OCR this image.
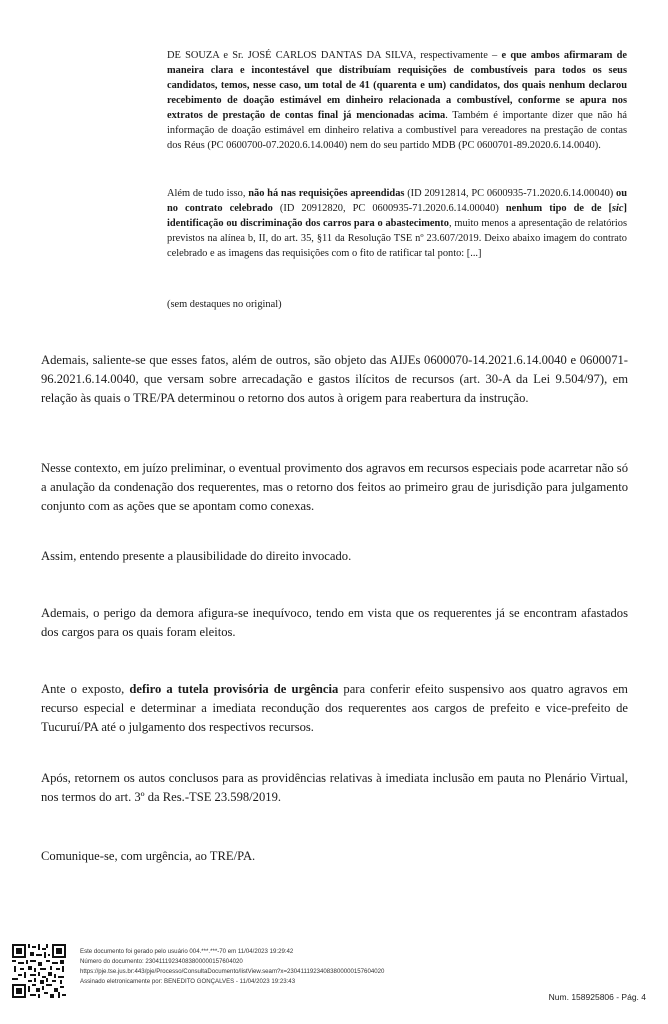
DE SOUZA e Sr. JOSÉ CARLOS DANTAS DA SILVA, respectivamente – e que ambos afirmaram de maneira clara e incontestável que distribuíam requisições de combustíveis para todos os seus candidatos, temos, nesse caso, um total de 41 (quarenta e um) candidatos, dos quais nenhum declarou recebimento de doação estimável em dinheiro relacionada a combustível, conforme se apura nos extratos de prestação de contas final já mencionadas acima. Também é importante dizer que não há informação de doação estimável em dinheiro relativa a combustível para vereadores na prestação de contas dos Réus (PC 0600700-07.2020.6.14.0040) nem do seu partido MDB (PC 0600701-89.2020.6.14.0040).
Além de tudo isso, não há nas requisições apreendidas (ID 20912814, PC 0600935-71.2020.6.14.00040) ou no contrato celebrado (ID 20912820, PC 0600935-71.2020.6.14.00040) nenhum tipo de de [sic] identificação ou discriminação dos carros para o abastecimento, muito menos a apresentação de relatórios previstos na alínea b, II, do art. 35, §11 da Resolução TSE nº 23.607/2019. Deixo abaixo imagem do contrato celebrado e as imagens das requisições com o fito de ratificar tal ponto: [...]
(sem destaques no original)
Ademais, saliente-se que esses fatos, além de outros, são objeto das AIJEs 0600070-14.2021.6.14.0040 e 0600071-96.2021.6.14.0040, que versam sobre arrecadação e gastos ilícitos de recursos (art. 30-A da Lei 9.504/97), em relação às quais o TRE/PA determinou o retorno dos autos à origem para reabertura da instrução.
Nesse contexto, em juízo preliminar, o eventual provimento dos agravos em recursos especiais pode acarretar não só a anulação da condenação dos requerentes, mas o retorno dos feitos ao primeiro grau de jurisdição para julgamento conjunto com as ações que se apontam como conexas.
Assim, entendo presente a plausibilidade do direito invocado.
Ademais, o perigo da demora afigura-se inequívoco, tendo em vista que os requerentes já se encontram afastados dos cargos para os quais foram eleitos.
Ante o exposto, defiro a tutela provisória de urgência para conferir efeito suspensivo aos quatro agravos em recurso especial e determinar a imediata recondução dos requerentes aos cargos de prefeito e vice-prefeito de Tucuruí/PA até o julgamento dos respectivos recursos.
Após, retornem os autos conclusos para as providências relativas à imediata inclusão em pauta no Plenário Virtual, nos termos do art. 3º da Res.-TSE 23.598/2019.
Comunique-se, com urgência, ao TRE/PA.
Este documento foi gerado pelo usuário 004.***.***-70 em 11/04/2023 19:29:42
Número do documento: 23041119234083800000157604020
https://pje.tse.jus.br:443/pje/Processo/ConsultaDocumento/listView.seam?x=23041119234083800000157604020
Assinado eletronicamente por: BENEDITO GONÇALVES - 11/04/2023 19:23:43
Num. 158925806 - Pág. 4
